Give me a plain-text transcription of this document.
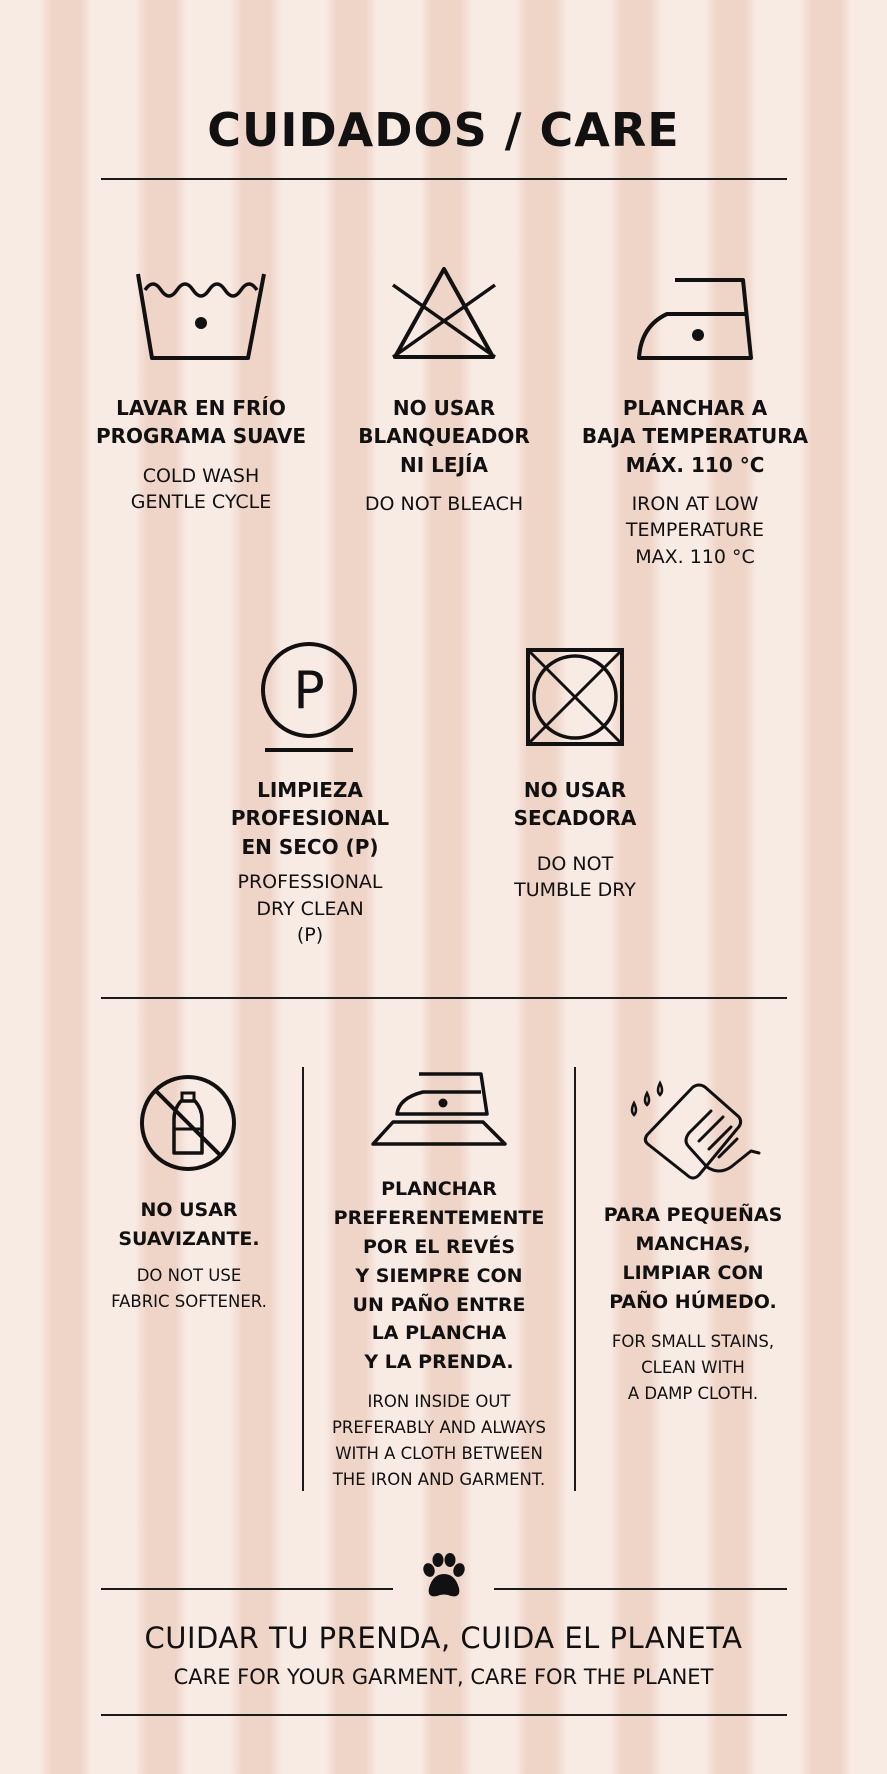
CUIDADOS / CARE
LAVAR EN FRÍO
PROGRAMA SUAVE
COLD WASH
GENTLE CYCLE
NO USAR
BLANQUEADOR
NI LEJÍA
DO NOT BLEACH
PLANCHAR A
BAJA TEMPERATURA
MÁX. 110 °C
IRON AT LOW
TEMPERATURE
MAX. 110 °C
P
LIMPIEZA
PROFESIONAL
EN SECO (P)
PROFESSIONAL
DRY CLEAN
(P)
NO USAR
SECADORA
DO NOT
TUMBLE DRY
NO USAR
SUAVIZANTE.
DO NOT USE
FABRIC SOFTENER.
PLANCHAR
PREFERENTEMENTE
POR EL REVÉS
Y SIEMPRE CON
UN PAÑO ENTRE
LA PLANCHA
Y LA PRENDA.
IRON INSIDE OUT
PREFERABLY AND ALWAYS
WITH A CLOTH BETWEEN
THE IRON AND GARMENT.
PARA PEQUEÑAS
MANCHAS,
LIMPIAR CON
PAÑO HÚMEDO.
FOR SMALL STAINS,
CLEAN WITH
A DAMP CLOTH.
CUIDAR TU PRENDA, CUIDA EL PLANETA
CARE FOR YOUR GARMENT, CARE FOR THE PLANET
